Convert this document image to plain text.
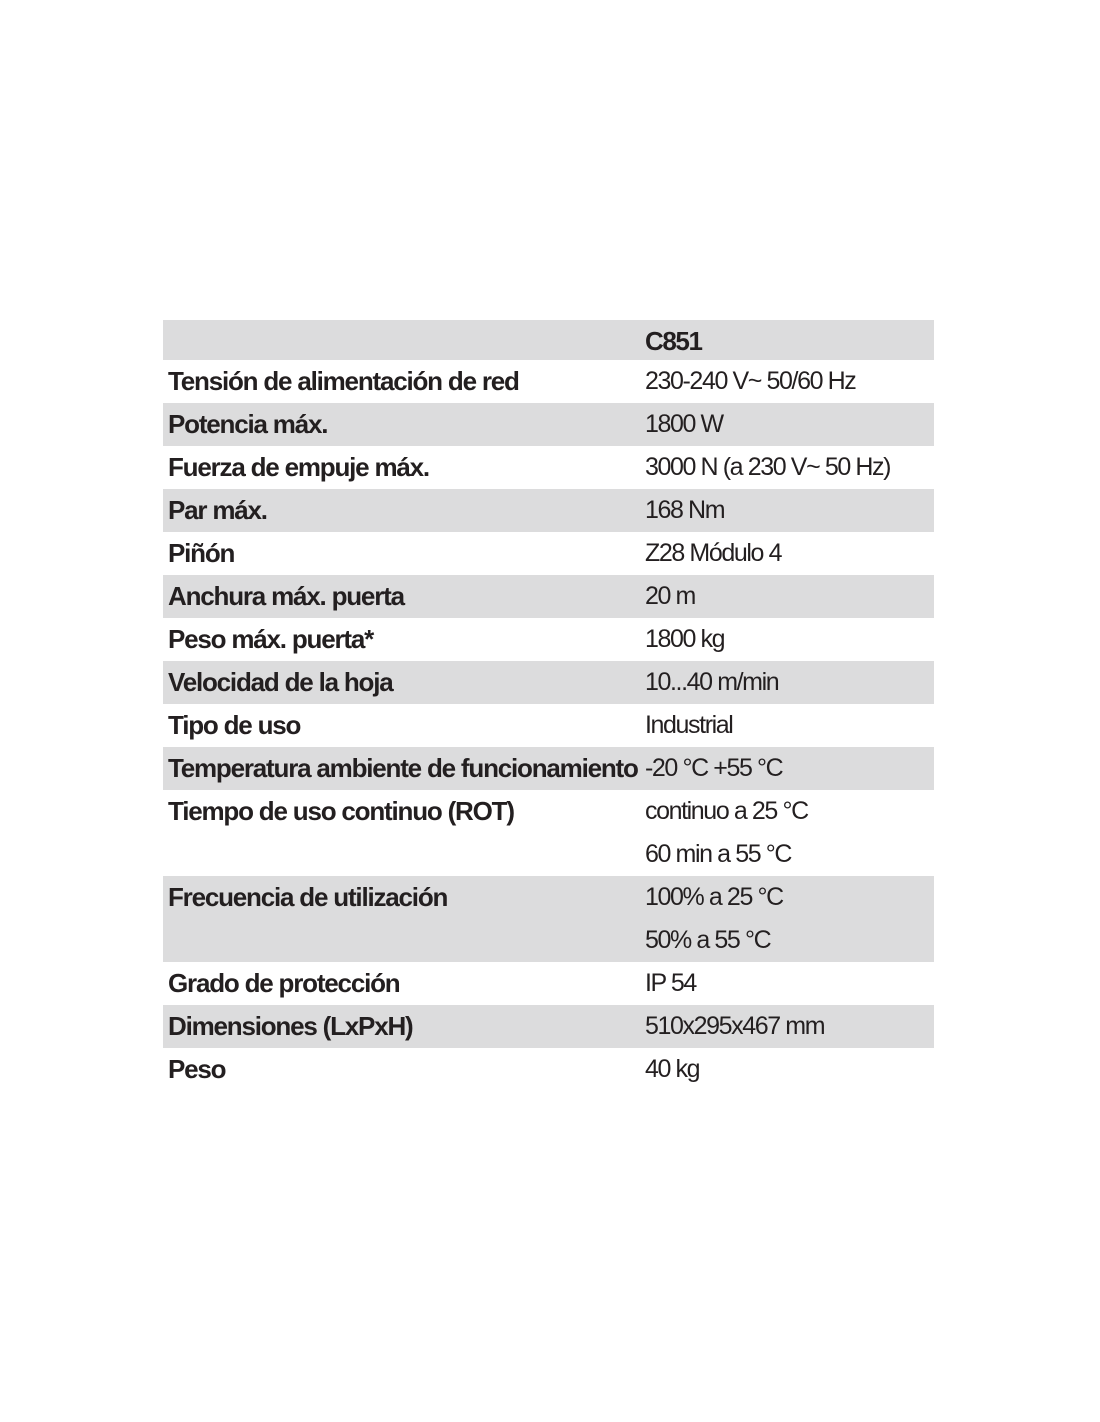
C851
Tensión de alimentación de red	230-240 V~ 50/60 Hz
Potencia máx.	1800 W
Fuerza de empuje máx.	3000 N (a 230 V~ 50 Hz)
Par máx.	168 Nm
Piñón	Z28 Módulo 4
Anchura máx. puerta	20 m
Peso máx. puerta*	1800 kg
Velocidad de la hoja	10...40 m/min
Tipo de uso	Industrial
Temperatura ambiente de funcionamiento -20 °C +55 °C
Tiempo de uso continuo (ROT)	continuo a 25 °C
60 min a 55 °C
Frecuencia de utilización	100% a 25 °C
50% a 55 °C
Grado de protección	IP 54
Dimensiones (LxPxH)	510x295x467 mm
Peso	40 kg
